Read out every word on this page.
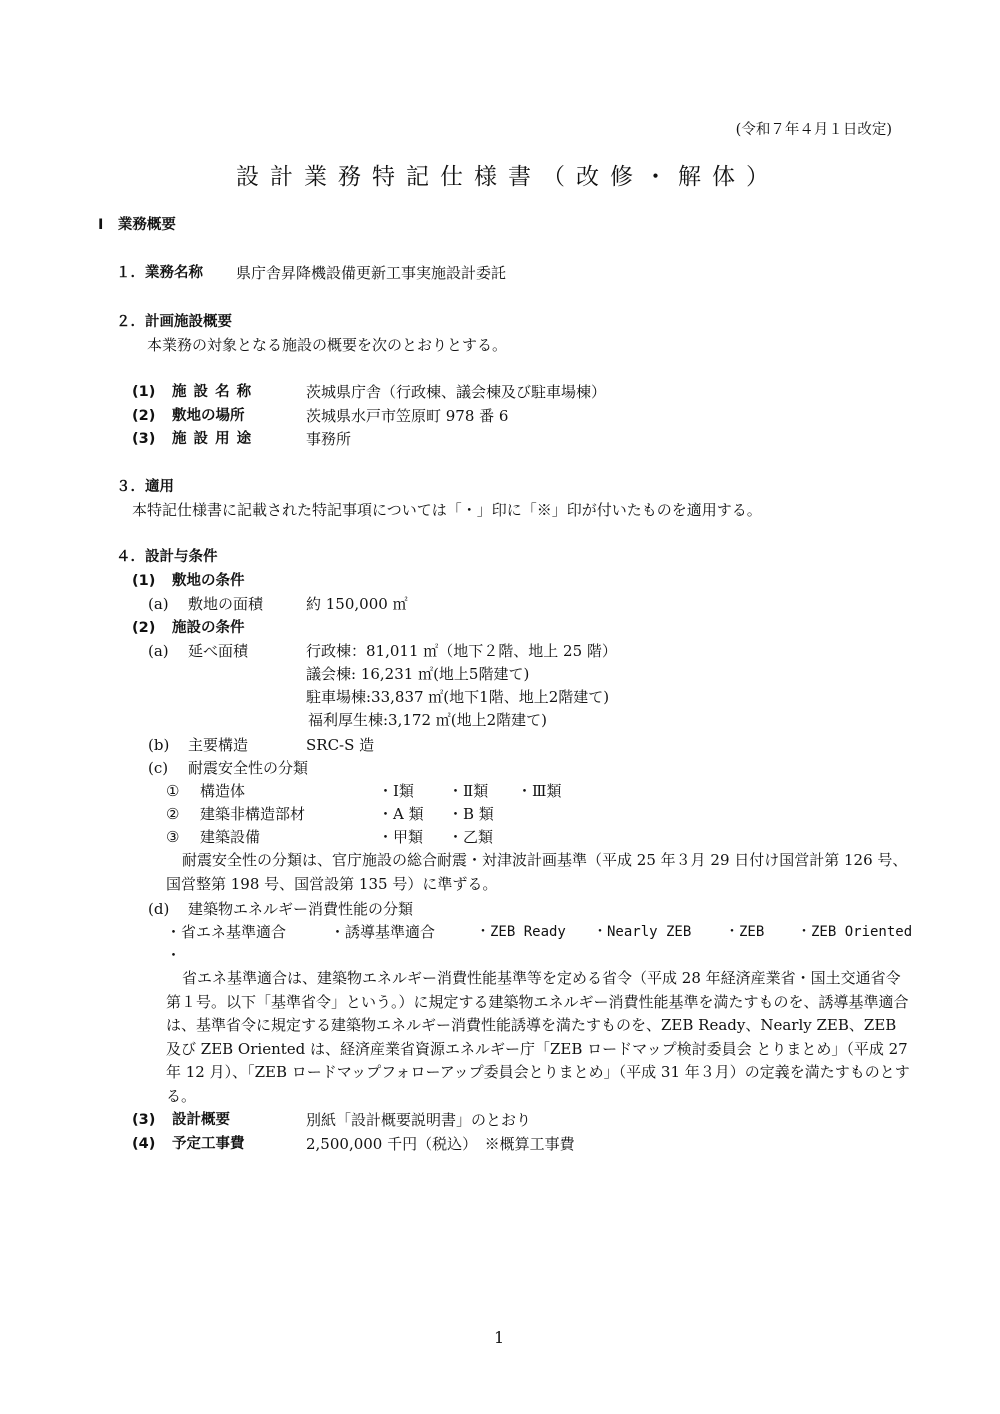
(令和７年４月１日改定)
設計業務特記仕様書（改修・解体）
Ⅰ　業務概要
１．業務名称 県庁舎昇降機設備更新工事実施設計委託
２．計画施設概要
本業務の対象となる施設の概要を次のとおりとする。
(1) 施 設 名 称	茨城県庁舎（行政棟、議会棟及び駐車場棟）
(2) 敷地の場所	茨城県水戸市笠原町 978 番 6
(3) 施 設 用 途	事務所
３．適用
本特記仕様書に記載された特記事項については「・」印に「※」印が付いたものを適用する。
４．設計与条件
(1) 敷地の条件
(a) 敷地の面積	約 150,000 ㎡
(2) 施設の条件
(a) 延べ面積	行政棟：81,011 ㎡（地下２階、地上 25 階）
議会棟: 16,231 ㎡(地上5階建て)
駐車場棟:33,837 ㎡(地下1階、地上2階建て)
福利厚生棟:3,172 ㎡(地上2階建て)
(b) 主要構造	SRC-S 造
(c) 耐震安全性の分類
① 構造体	・Ⅰ類 ・Ⅱ類 ・Ⅲ類
② 建築非構造部材	・A 類 ・B 類
③ 建築設備	・甲類 ・乙類
耐震安全性の分類は、官庁施設の総合耐震・対津波計画基準（平成 25 年３月 29 日付け国営計第 126 号、国営整第 198 号、国営設第 135 号）に準ずる。
(d) 建築物エネルギー消費性能の分類
・省エネ基準適合	・誘導基準適合	・ZEB Ready ・Nearly ZEB ・ZEB ・ZEB Oriented
・
省エネ基準適合は、建築物エネルギー消費性能基準等を定める省令（平成 28 年経済産業省・国土交通省令第１号。以下「基準省令」という。）に規定する建築物エネルギー消費性能基準を満たすものを、誘導基準適合は、基準省令に規定する建築物エネルギー消費性能誘導を満たすものを、ZEB Ready、Nearly ZEB、ZEB 及び ZEB Oriented は、経済産業省資源エネルギー庁「ZEB ロードマップ検討委員会 とりまとめ」（平成 27 年 12 月）、「ZEB ロードマップフォローアップ委員会とりまとめ」（平成 31 年３月）の定義を満たすものとする。
(3) 設計概要	別紙「設計概要説明書」のとおり
(4) 予定工事費	2,500,000 千円（税込）　※概算工事費
1
